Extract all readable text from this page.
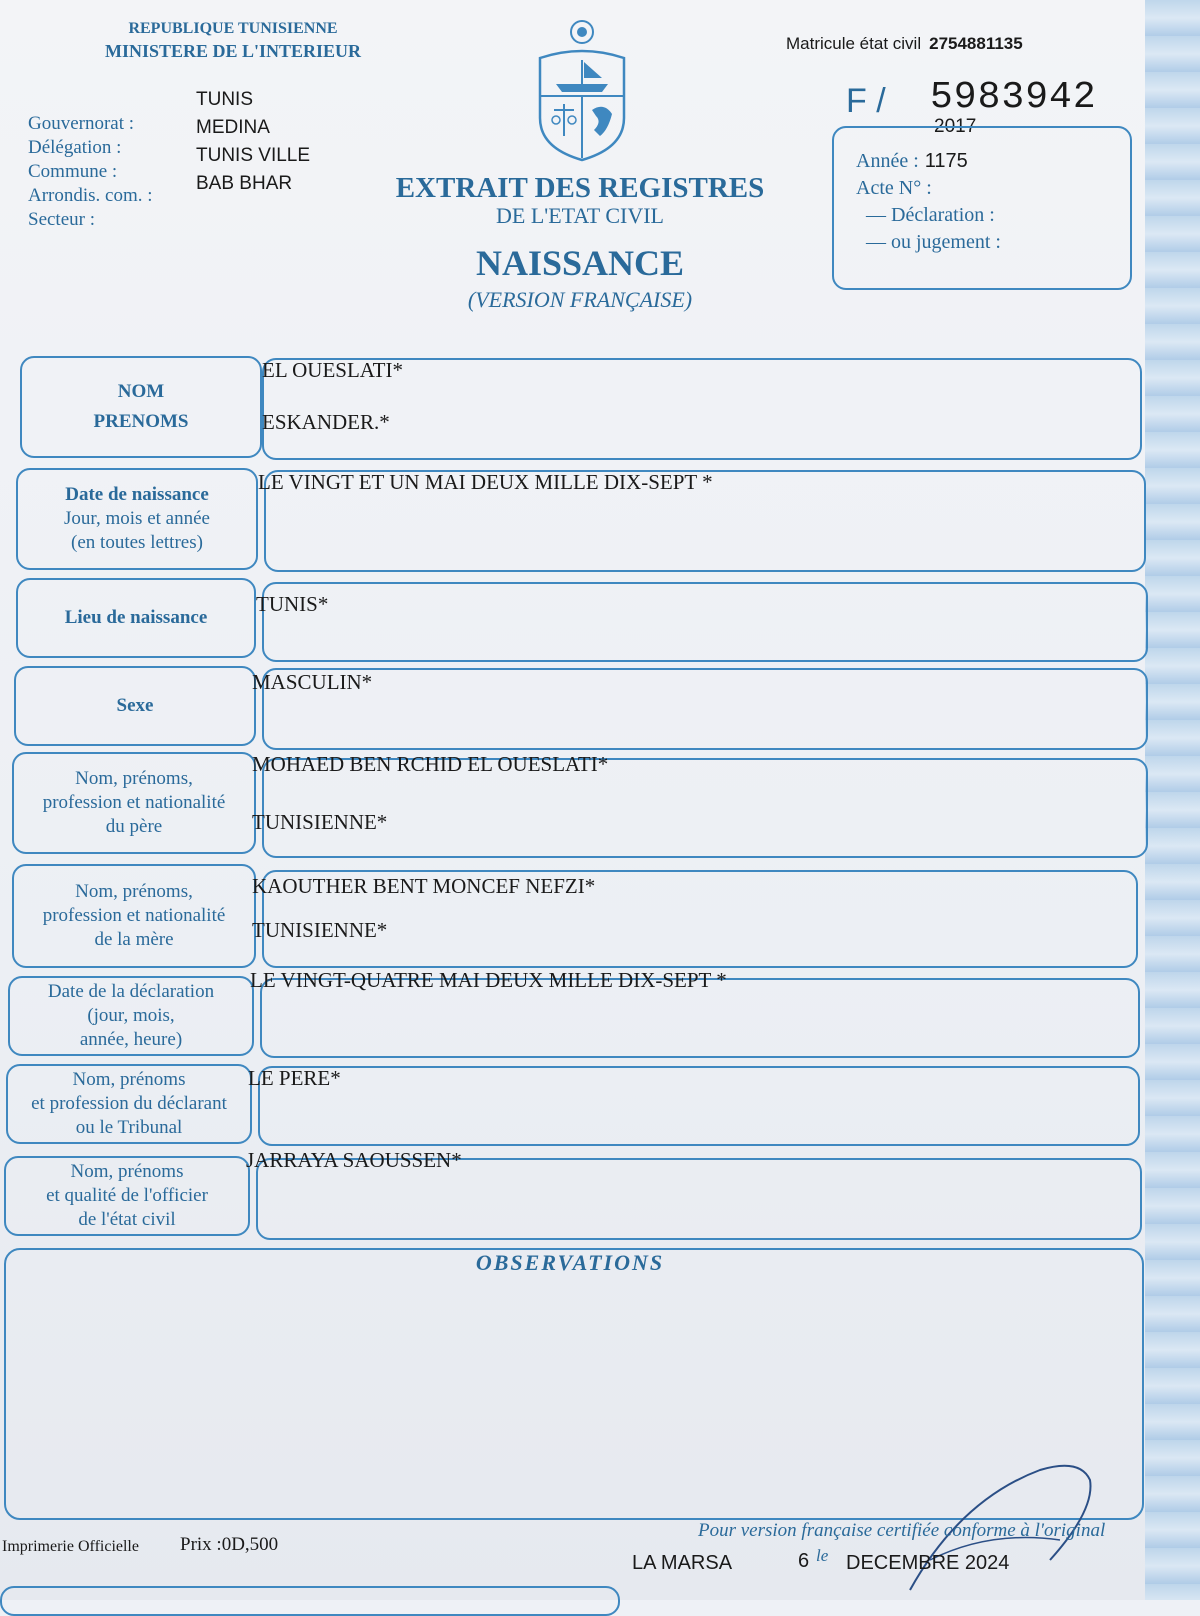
REPUBLIQUE TUNISIENNE
MINISTERE DE L'INTERIEUR
Gouvernorat :
Délégation :
Commune :
Arrondis. com. :
Secteur :
TUNIS
MEDINA
TUNIS VILLE
BAB BHAR
Matricule état civil 2754881135
F / 5983942
2017
Année : 1175
Acte N° :
— Déclaration :
— ou jugement :
EXTRAIT DES REGISTRES
DE L'ETAT CIVIL
NAISSANCE
(VERSION FRANÇAISE)
NOM
PRENOMS
EL OUESLATI*
ESKANDER.*
Date de naissance
Jour, mois et année
(en toutes lettres)
LE VINGT ET UN MAI DEUX MILLE DIX-SEPT *
Lieu de naissance
TUNIS*
Sexe
MASCULIN*
Nom, prénoms,
profession et nationalité
du père
MOHAED BEN RCHID EL OUESLATI*
TUNISIENNE*
Nom, prénoms,
profession et nationalité
de la mère
KAOUTHER BENT MONCEF NEFZI*
TUNISIENNE*
Date de la déclaration
(jour, mois,
année, heure)
LE VINGT-QUATRE MAI DEUX MILLE DIX-SEPT *
Nom, prénoms
et profession du déclarant
ou le Tribunal
LE PERE*
Nom, prénoms
et qualité de l'officier
de l'état civil
JARRAYA SAOUSSEN*
OBSERVATIONS
Imprimerie Officielle Prix :0D,500
Pour version française certifiée conforme à l'original
LA MARSA	6 le DECEMBRE 2024
